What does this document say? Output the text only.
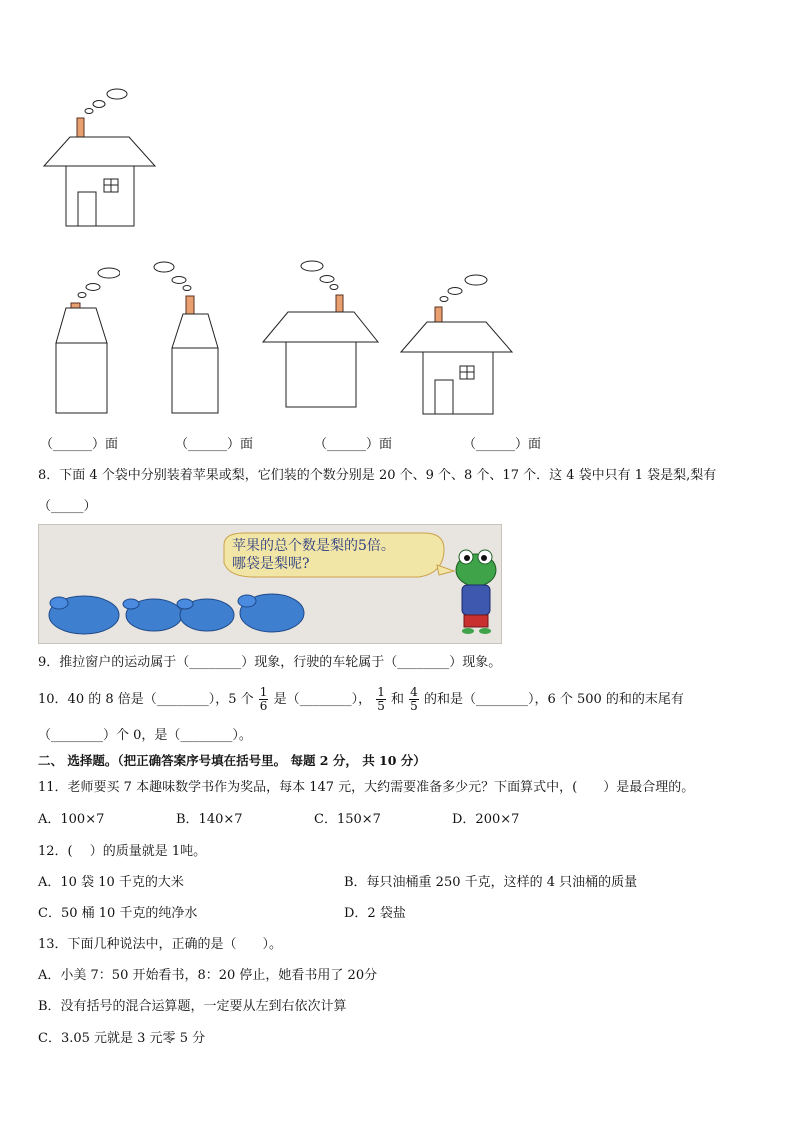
（______）面	（______）面	（______）面	（______）面
8．下面 4 个袋中分别装着苹果或梨，它们装的个数分别是 20 个、9 个、8 个、17 个．这 4 袋中只有 1 袋是梨,梨有
（_____）
苹果的总个数是梨的5倍。
哪袋是梨呢?
9．推拉窗户的运动属于（________）现象，行驶的车轮属于（________）现象。
10．40 的 8 倍是（________），5 个 $\frac{1}{6}$ 是（________）， $\frac{1}{5}$ 和 $\frac{4}{5}$ 的和是（________），6 个 500 的和的末尾有
（________）个 0，是（________）。
二、 选择题。（把正确答案序号填在括号里。 每题 2 分， 共 10 分）
11．老师要买 7 本趣味数学书作为奖品，每本 147 元，大约需要准备多少元？下面算式中，(　　）是最合理的。
A．100×7	B．140×7	C．150×7	D．200×7
12．(　 ）的质量就是 1吨。
A．10 袋 10 千克的大米	B．每只油桶重 250 千克，这样的 4 只油桶的质量
C．50 桶 10 千克的纯净水	D．2 袋盐
13．下面几种说法中，正确的是（　　）。
A．小美 7：50 开始看书，8：20 停止，她看书用了 20分
B．没有括号的混合运算题，一定要从左到右依次计算
C．3.05 元就是 3 元零 5 分
